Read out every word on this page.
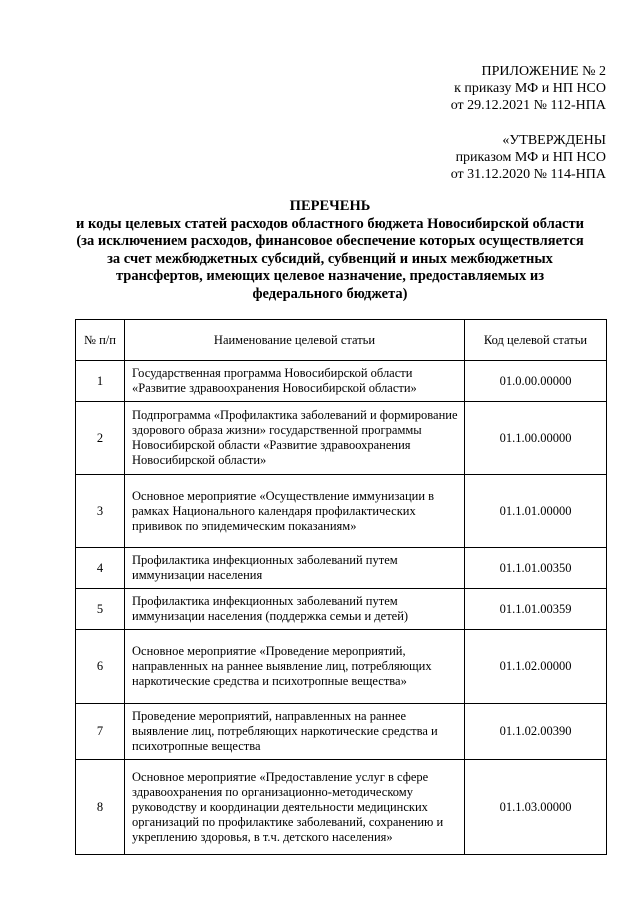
ПРИЛОЖЕНИЕ № 2
к приказу МФ и НП НСО
от 29.12.2021 № 112-НПА
«УТВЕРЖДЕНЫ
приказом МФ и НП НСО
от 31.12.2020 № 114-НПА
ПЕРЕЧЕНЬ
и коды целевых статей расходов областного бюджета Новосибирской области
(за исключением расходов, финансовое обеспечение которых осуществляется
за счет межбюджетных субсидий, субвенций и иных межбюджетных
трансфертов, имеющих целевое назначение, предоставляемых из
федерального бюджета)
№ п/п	Наименование целевой статьи	Код целевой статьи
1	Государственная программа Новосибирской области «Развитие здравоохранения Новосибирской области»	01.0.00.00000
2	Подпрограмма «Профилактика заболеваний и формирование здорового образа жизни» государственной программы Новосибирской области «Развитие здравоохранения Новосибирской области»	01.1.00.00000
3	Основное мероприятие «Осуществление иммунизации в рамках Национального календаря профилактических прививок по эпидемическим показаниям»	01.1.01.00000
4	Профилактика инфекционных заболеваний путем иммунизации населения	01.1.01.00350
5	Профилактика инфекционных заболеваний путем иммунизации населения (поддержка семьи и детей)	01.1.01.00359
6	Основное мероприятие «Проведение мероприятий, направленных на раннее выявление лиц, потребляющих наркотические средства и психотропные вещества»	01.1.02.00000
7	Проведение мероприятий, направленных на раннее выявление лиц, потребляющих наркотические средства и психотропные вещества	01.1.02.00390
8	Основное мероприятие «Предоставление услуг в сфере здравоохранения по организационно-методическому руководству и координации деятельности медицинских организаций по профилактике заболеваний, сохранению и укреплению здоровья, в т.ч. детского населения»	01.1.03.00000
